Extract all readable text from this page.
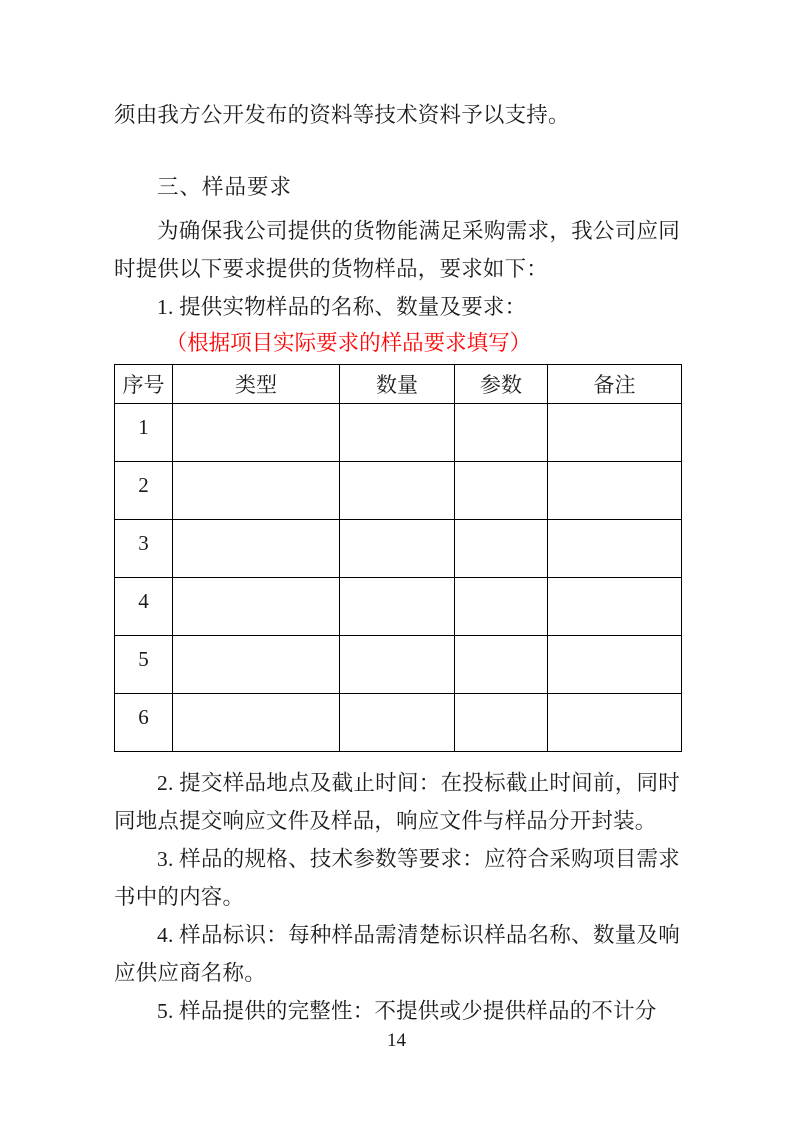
须由我方公开发布的资料等技术资料予以支持。

三、样品要求

为确保我公司提供的货物能满足采购需求，我公司应同时提供以下要求提供的货物样品，要求如下：

1. 提供实物样品的名称、数量及要求：

（根据项目实际要求的样品要求填写）

序号	类型	数量	参数	备注
1				
2				
3				
4				
5				
6				

2. 提交样品地点及截止时间：在投标截止时间前，同时同地点提交响应文件及样品，响应文件与样品分开封装。

3. 样品的规格、技术参数等要求：应符合采购项目需求书中的内容。

4. 样品标识：每种样品需清楚标识样品名称、数量及响应供应商名称。

5. 样品提供的完整性：不提供或少提供样品的不计分

14
